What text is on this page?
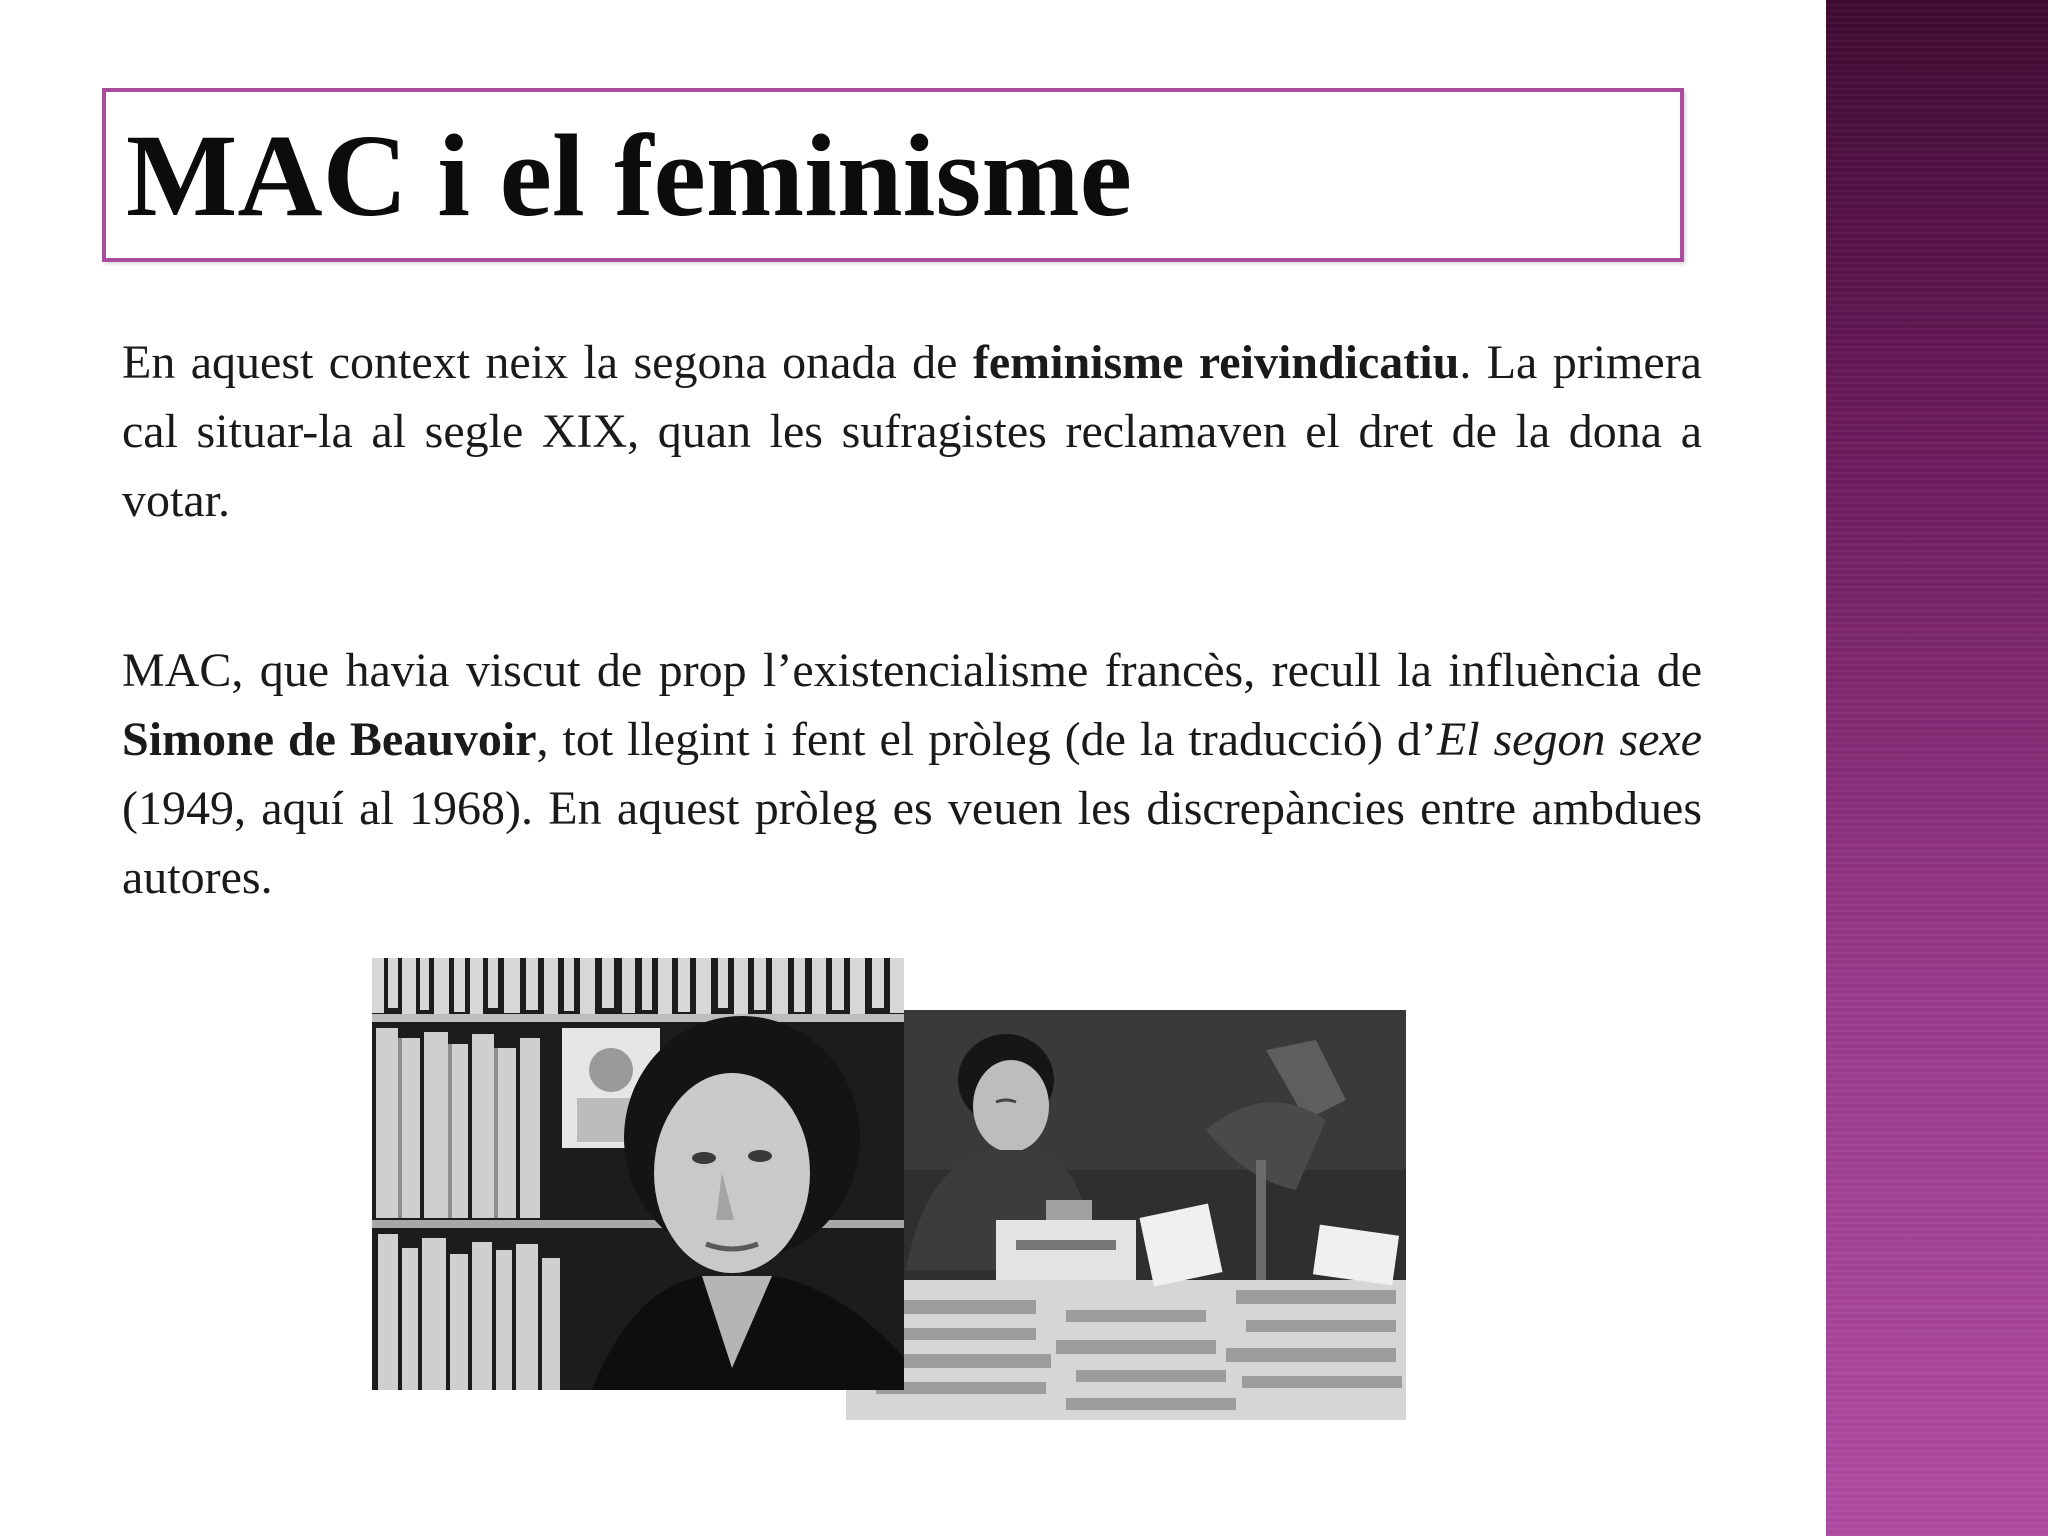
MAC i el feminisme

En aquest context neix la segona onada de feminisme reivindicatiu. La primera cal situar-la al segle XIX, quan les sufragistes reclamaven el dret de la dona a votar.

MAC, que havia viscut de prop l’existencialisme francès, recull la influència de Simone de Beauvoir, tot llegint i fent el pròleg (de la traducció) d’El segon sexe (1949, aquí al 1968). En aquest pròleg es veuen les discrepàncies entre ambdues autores.
